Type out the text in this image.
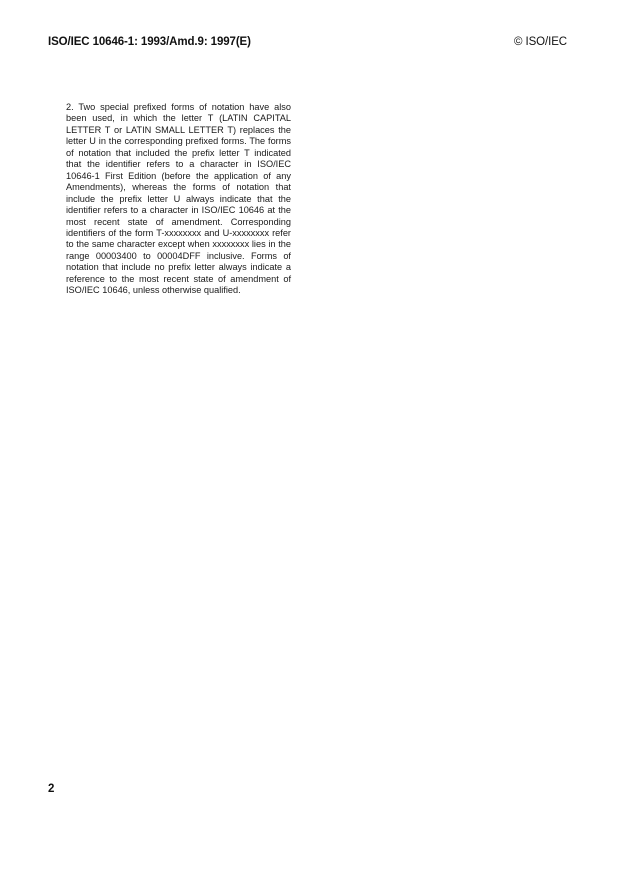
ISO/IEC 10646-1: 1993/Amd.9: 1997(E)	© ISO/IEC

2. Two special prefixed forms of notation have also been used, in which the letter T (LATIN CAPITAL LETTER T or LATIN SMALL LETTER T) replaces the letter U in the corresponding prefixed forms. The forms of notation that included the prefix letter T indicated that the identifier refers to a character in ISO/IEC 10646-1 First Edition (before the application of any Amendments), whereas the forms of notation that include the prefix letter U always indicate that the identifier refers to a character in ISO/IEC 10646 at the most recent state of amendment. Corresponding identifiers of the form T-xxxxxxxx and U-xxxxxxxx refer to the same character except when xxxxxxxx lies in the range 00003400 to 00004DFF inclusive. Forms of notation that include no prefix letter always indicate a reference to the most recent state of amendment of ISO/IEC 10646, unless otherwise qualified.

2
